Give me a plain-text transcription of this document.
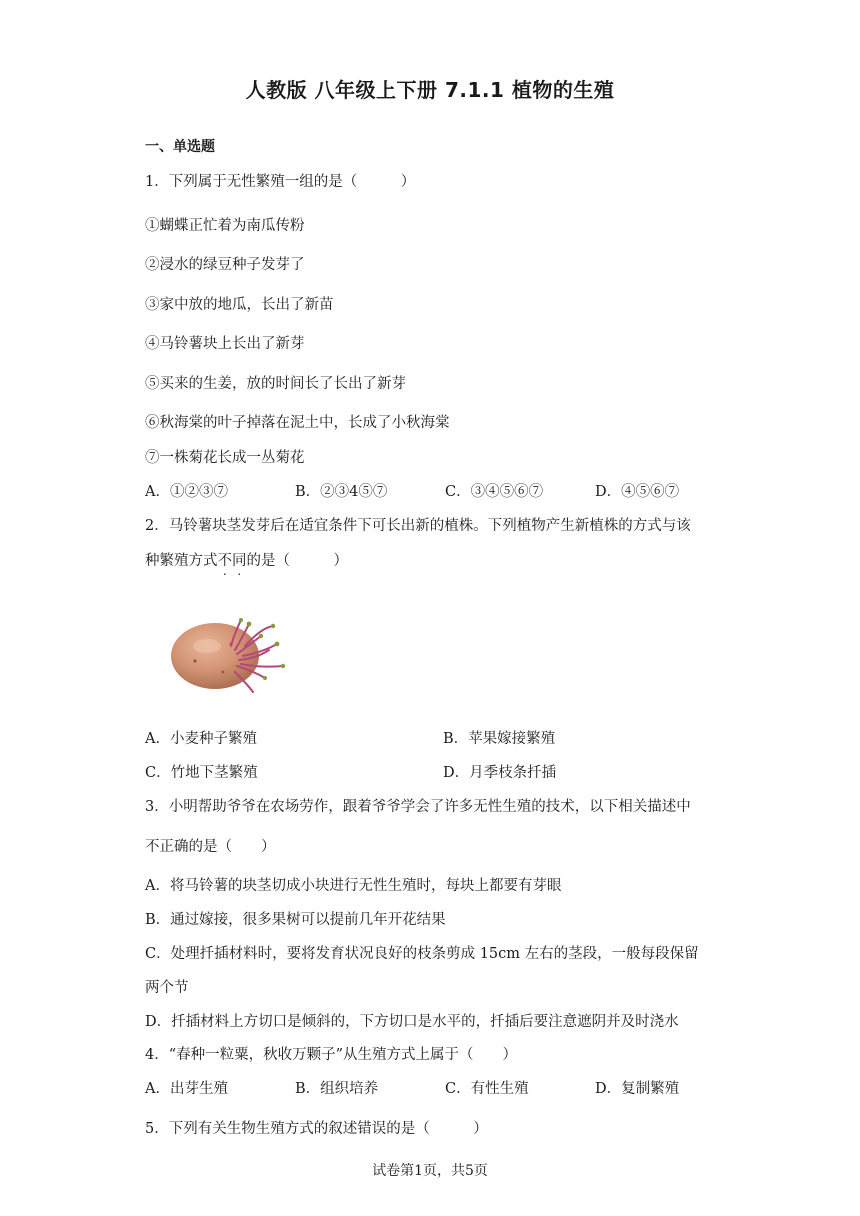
人教版 八年级上下册 7.1.1 植物的生殖
一、单选题
1．下列属于无性繁殖一组的是（　　　）
①蝴蝶正忙着为南瓜传粉
②浸水的绿豆种子发芽了
③家中放的地瓜，长出了新苗
④马铃薯块上长出了新芽
⑤买来的生姜，放的时间长了长出了新芽
⑥秋海棠的叶子掉落在泥土中，长成了小秋海棠
⑦一株菊花长成一丛菊花
A．①②③⑦	B．②③4⑤⑦	C．③④⑤⑥⑦	D．④⑤⑥⑦
2．马铃薯块茎发芽后在适宜条件下可长出新的植株。下列植物产生新植株的方式与该
种繁殖方式不同的是（　　　）
A．小麦种子繁殖	B．苹果嫁接繁殖
C．竹地下茎繁殖	D．月季枝条扦插
3．小明帮助爷爷在农场劳作，跟着爷爷学会了许多无性生殖的技术，以下相关描述中
不正确的是（　　）
A．将马铃薯的块茎切成小块进行无性生殖时，每块上都要有芽眼
B．通过嫁接，很多果树可以提前几年开花结果
C．处理扦插材料时，要将发育状况良好的枝条剪成 15cm 左右的茎段，一般每段保留
两个节
D．扦插材料上方切口是倾斜的，下方切口是水平的，扦插后要注意遮阴并及时浇水
4．“春种一粒粟，秋收万颗子”从生殖方式上属于（　　）
A．出芽生殖	B．组织培养	C．有性生殖	D．复制繁殖
5．下列有关生物生殖方式的叙述错误的是（　　　）
试卷第1页，共5页
